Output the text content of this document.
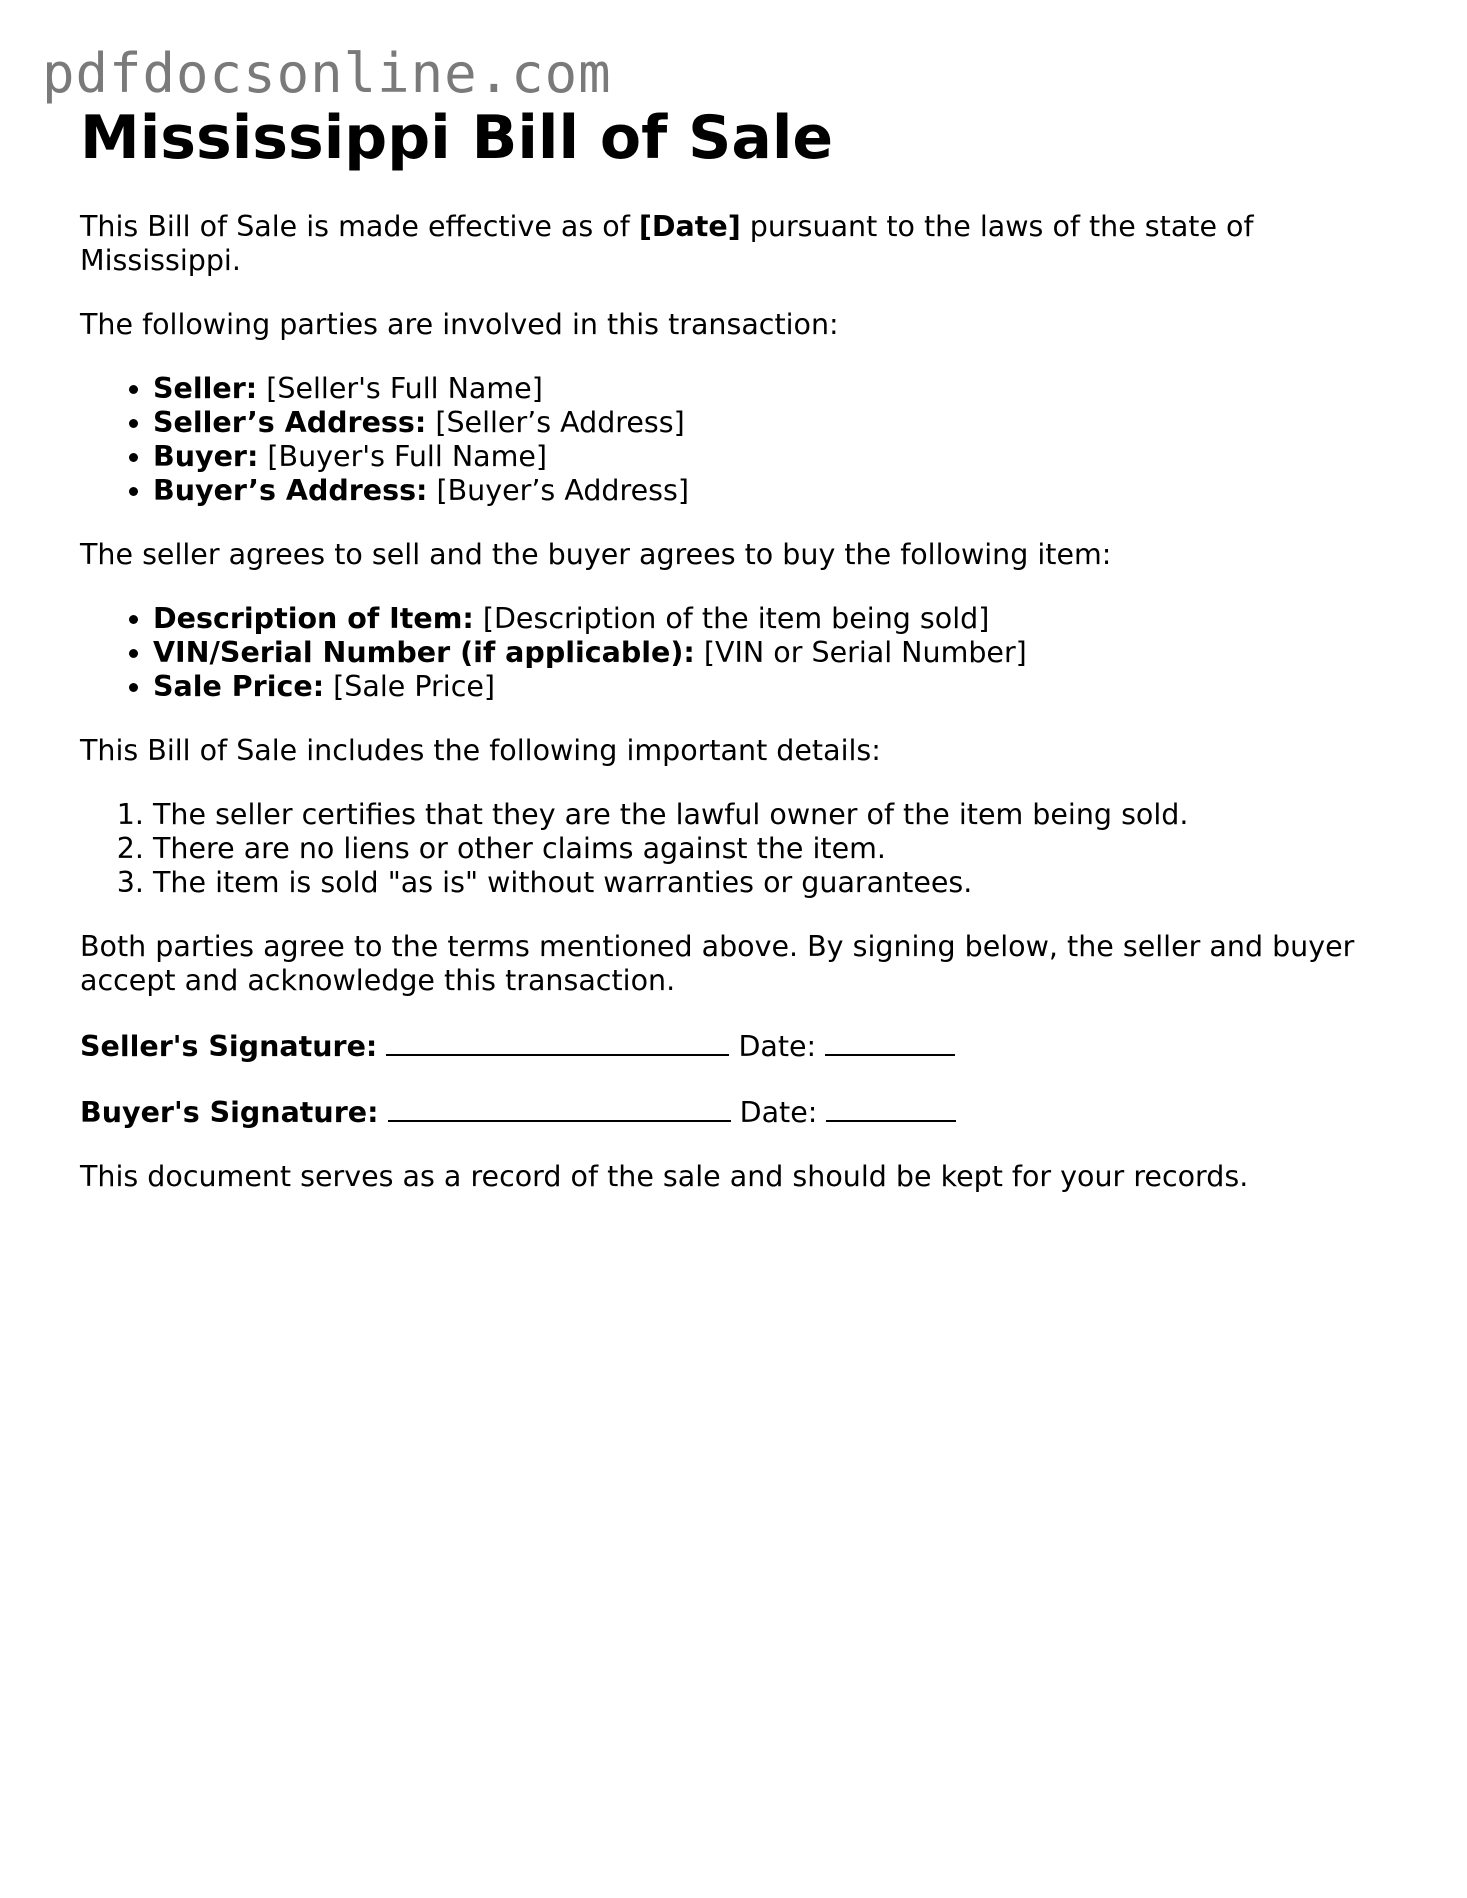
pdfdocsonline.com
Mississippi Bill of Sale

This Bill of Sale is made effective as of [Date] pursuant to the laws of the state of Mississippi.

The following parties are involved in this transaction:

• Seller: [Seller's Full Name]
• Seller’s Address: [Seller’s Address]
• Buyer: [Buyer's Full Name]
• Buyer’s Address: [Buyer’s Address]

The seller agrees to sell and the buyer agrees to buy the following item:

• Description of Item: [Description of the item being sold]
• VIN/Serial Number (if applicable): [VIN or Serial Number]
• Sale Price: [Sale Price]

This Bill of Sale includes the following important details:

1. The seller certifies that they are the lawful owner of the item being sold.
2. There are no liens or other claims against the item.
3. The item is sold "as is" without warranties or guarantees.

Both parties agree to the terms mentioned above. By signing below, the seller and buyer accept and acknowledge this transaction.

Seller's Signature:	Date:

Buyer's Signature:	Date:

This document serves as a record of the sale and should be kept for your records.
